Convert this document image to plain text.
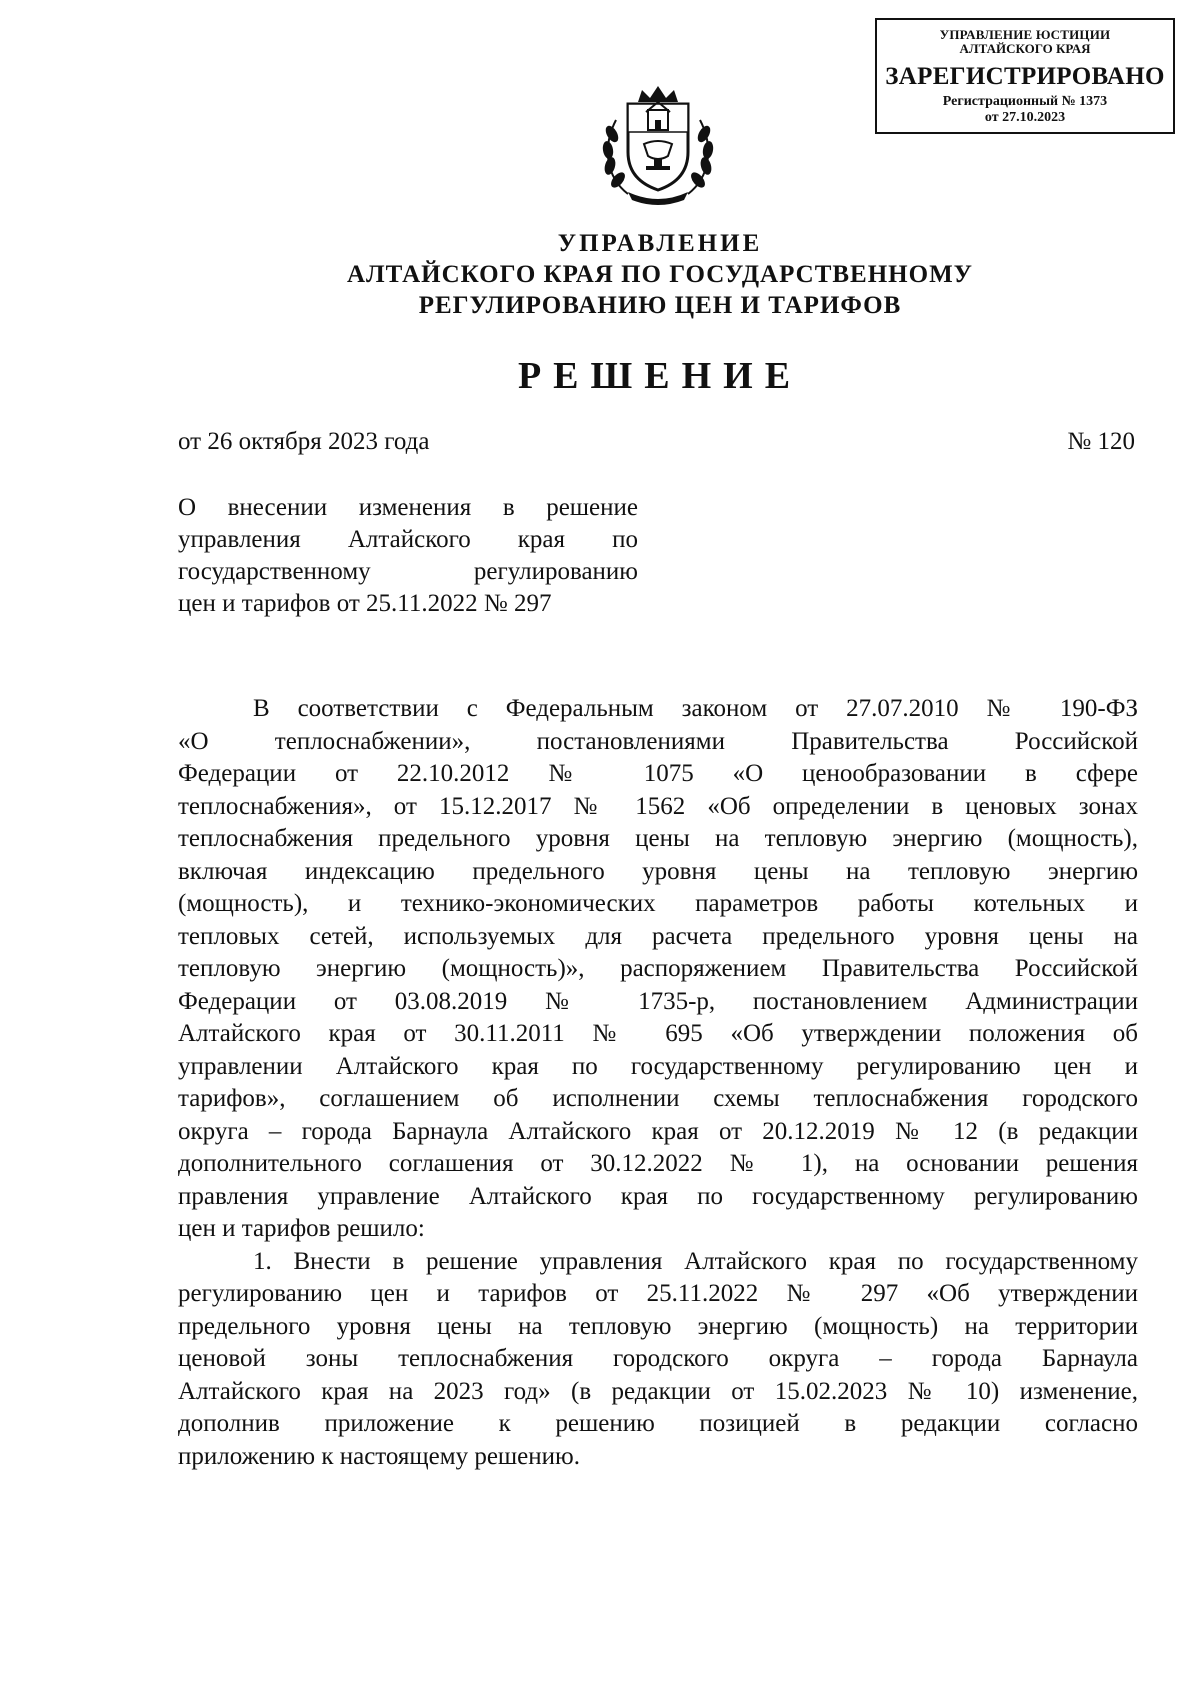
УПРАВЛЕНИЕ ЮСТИЦИИ
АЛТАЙСКОГО КРАЯ
ЗАРЕГИСТРИРОВАНО
Регистрационный № 1373
от 27.10.2023
УПРАВЛЕНИЕ
АЛТАЙСКОГО КРАЯ ПО ГОСУДАРСТВЕННОМУ
РЕГУЛИРОВАНИЮ ЦЕН И ТАРИФОВ
РЕШЕНИЕ
от 26 октября 2023 года	№ 120
О внесении изменения в решение
управления Алтайского края по
государственному регулированию
цен и тарифов от 25.11.2022 № 297
В соответствии с Федеральным законом от 27.07.2010 № 190-ФЗ
«О теплоснабжении», постановлениями Правительства Российской
Федерации от 22.10.2012 № 1075 «О ценообразовании в сфере
теплоснабжения», от 15.12.2017 № 1562 «Об определении в ценовых зонах
теплоснабжения предельного уровня цены на тепловую энергию (мощность),
включая индексацию предельного уровня цены на тепловую энергию
(мощность), и технико-экономических параметров работы котельных и
тепловых сетей, используемых для расчета предельного уровня цены на
тепловую энергию (мощность)», распоряжением Правительства Российской
Федерации от 03.08.2019 № 1735-р, постановлением Администрации
Алтайского края от 30.11.2011 № 695 «Об утверждении положения об
управлении Алтайского края по государственному регулированию цен и
тарифов», соглашением об исполнении схемы теплоснабжения городского
округа – города Барнаула Алтайского края от 20.12.2019 № 12 (в редакции
дополнительного соглашения от 30.12.2022 № 1), на основании решения
правления управление Алтайского края по государственному регулированию
цен и тарифов решило:
1. Внести в решение управления Алтайского края по государственному
регулированию цен и тарифов от 25.11.2022 № 297 «Об утверждении
предельного уровня цены на тепловую энергию (мощность) на территории
ценовой зоны теплоснабжения городского округа – города Барнаула
Алтайского края на 2023 год» (в редакции от 15.02.2023 № 10) изменение,
дополнив приложение к решению позицией в редакции согласно
приложению к настоящему решению.
